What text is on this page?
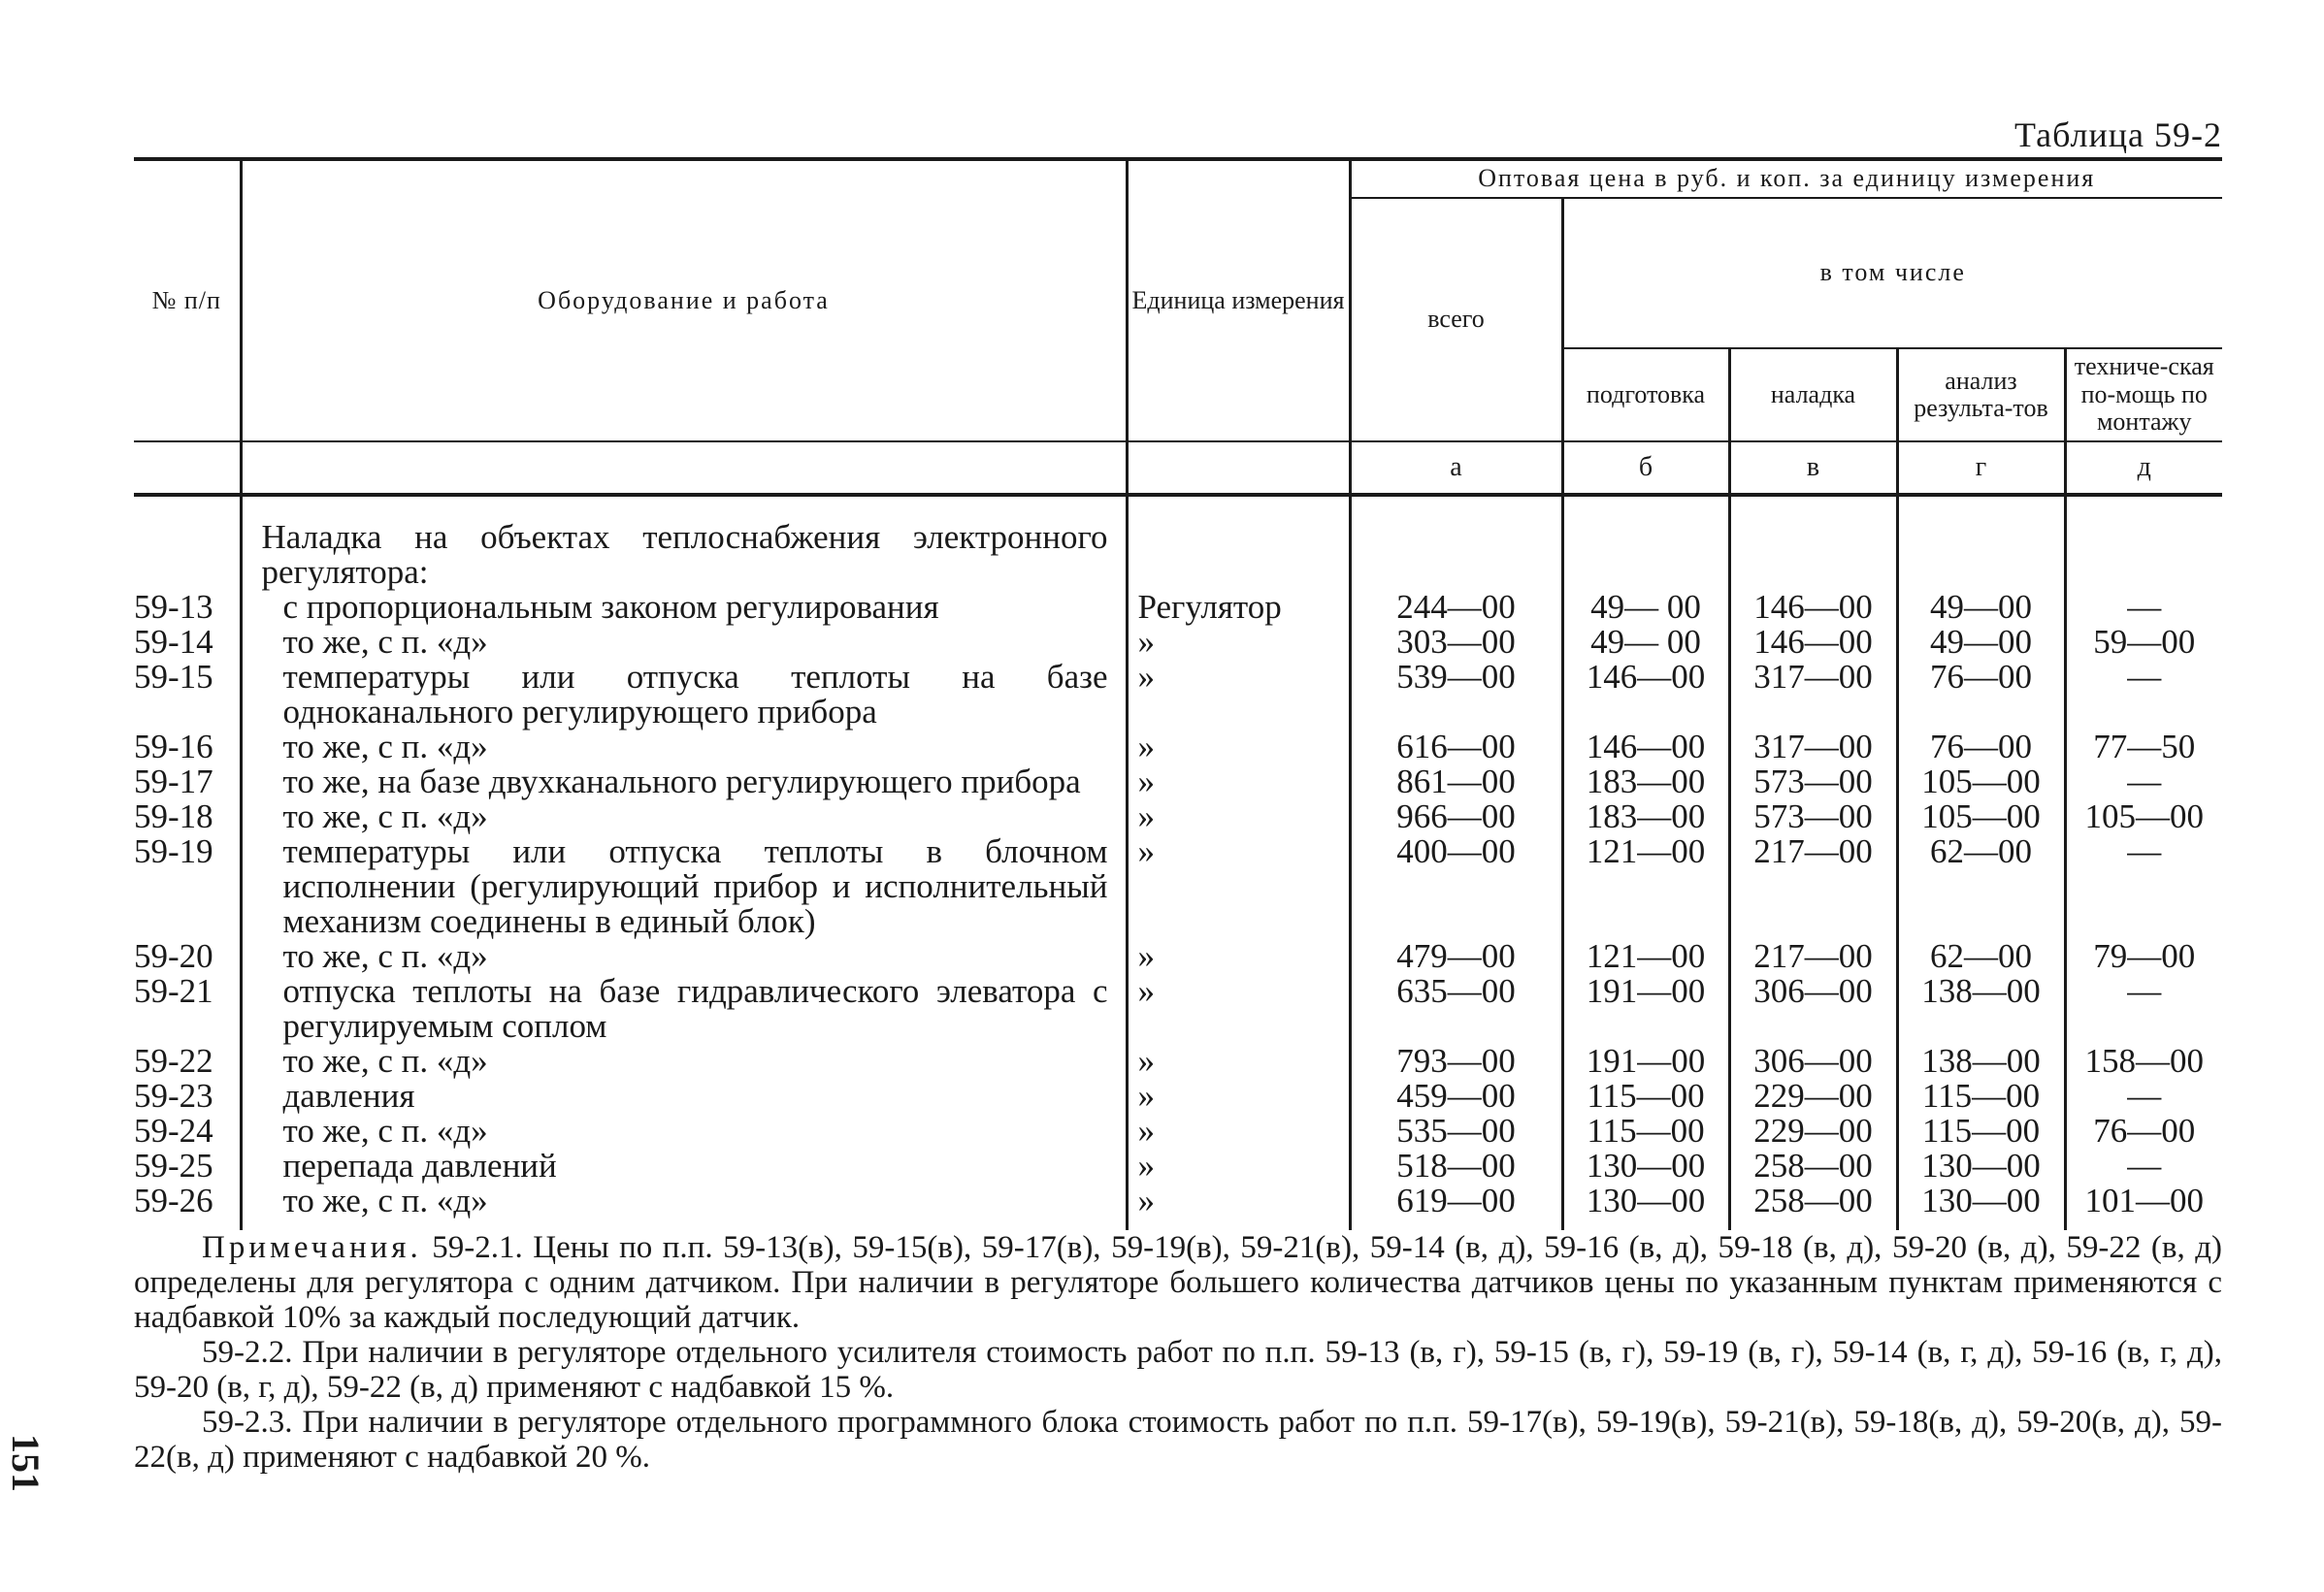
Таблица 59-2
№ п/п	Оборудование и работа	Единица измерения	Оптовая цена в руб. и коп. за единицу измерения				
			всего	в том числе			
				подготовка	наладка	анализ результа-тов	техниче-ская по-мощь по монтажу
			а	б	в	г	д
	Наладка на объектах теплоснабжения электронного регулятора:						
59-13	с пропорциональным законом регулирования	Регулятор	244—00	49— 00	146—00	49—00	—
59-14	то же, с п. «д»	»	303—00	49— 00	146—00	49—00	59—00
59-15	температуры или отпуска теплоты на базе одноканального регулирующего прибора	»	539—00	146—00	317—00	76—00	—
59-16	то же, с п. «д»	»	616—00	146—00	317—00	76—00	77—50
59-17	то же, на базе двухканального регулирующего прибора	»	861—00	183—00	573—00	105—00	—
59-18	то же, с п. «д»	»	966—00	183—00	573—00	105—00	105—00
59-19	температуры или отпуска теплоты в блочном исполнении (регулирующий прибор и исполнительный механизм соединены в единый блок)	»	400—00	121—00	217—00	62—00	—
59-20	то же, с п. «д»	»	479—00	121—00	217—00	62—00	79—00
59-21	отпуска теплоты на базе гидравлического элеватора с регулируемым соплом	»	635—00	191—00	306—00	138—00	—
59-22	то же, с п. «д»	»	793—00	191—00	306—00	138—00	158—00
59-23	давления	»	459—00	115—00	229—00	115—00	—
59-24	то же, с п. «д»	»	535—00	115—00	229—00	115—00	76—00
59-25	перепада давлений	»	518—00	130—00	258—00	130—00	—
59-26	то же, с п. «д»	»	619—00	130—00	258—00	130—00	101—00

Примечания. 59-2.1. Цены по п.п. 59-13(в), 59-15(в), 59-17(в), 59-19(в), 59-21(в), 59-14 (в, д), 59-16 (в, д), 59-18 (в, д), 59-20 (в, д), 59-22 (в, д) определены для регулятора с одним датчиком. При наличии в регуляторе большего количества датчиков цены по указанным пунктам применяются с надбавкой 10% за каждый последующий датчик.

59-2.2. При наличии в регуляторе отдельного усилителя стоимость работ по п.п. 59-13 (в, г), 59-15 (в, г), 59-19 (в, г), 59-14 (в, г, д), 59-16 (в, г, д), 59-20 (в, г, д), 59-22 (в, д) применяют с надбавкой 15 %.

59-2.3. При наличии в регуляторе отдельного программного блока стоимость работ по п.п. 59-17(в), 59-19(в), 59-21(в), 59-18(в, д), 59-20(в, д), 59-22(в, д) применяют с надбавкой 20 %.

151
